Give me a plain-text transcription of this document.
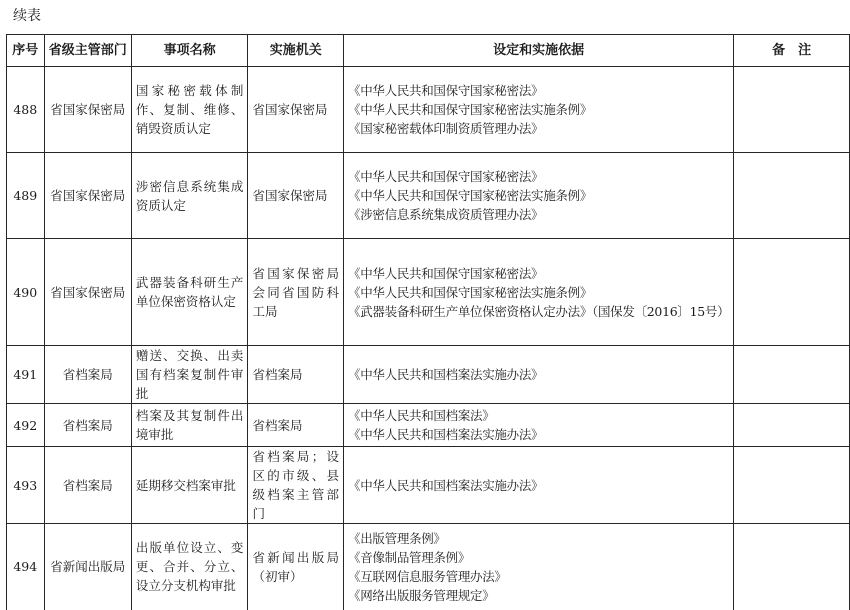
续表
序号	省级主管部门	事项名称	实施机关	设定和实施依据	备　注
488	省国家保密局	国家秘密载体制作、复制、维修、销毁资质认定	省国家保密局	《中华人民共和国保守国家秘密法》
《中华人民共和国保守国家秘密法实施条例》
《国家秘密载体印制资质管理办法》	

489	省国家保密局	涉密信息系统集成资质认定	省国家保密局	《中华人民共和国保守国家秘密法》
《中华人民共和国保守国家秘密法实施条例》
《涉密信息系统集成资质管理办法》	

490	省国家保密局	武器装备科研生产单位保密资格认定	省国家保密局会同省国防科工局	《中华人民共和国保守国家秘密法》
《中华人民共和国保守国家秘密法实施条例》
《武器装备科研生产单位保密资格认定办法》（国保发〔2016〕15号）	

491	省档案局	赠送、交换、出卖国有档案复制件审批	省档案局	《中华人民共和国档案法实施办法》	

492	省档案局	档案及其复制件出境审批	省档案局	《中华人民共和国档案法》
《中华人民共和国档案法实施办法》	

493	省档案局	延期移交档案审批	省档案局；设区的市级、县级档案主管部门	《中华人民共和国档案法实施办法》	

494	省新闻出版局	出版单位设立、变更、合并、分立、设立分支机构审批	省新闻出版局（初审）	《出版管理条例》
《音像制品管理条例》
《互联网信息服务管理办法》
《网络出版服务管理规定》	
